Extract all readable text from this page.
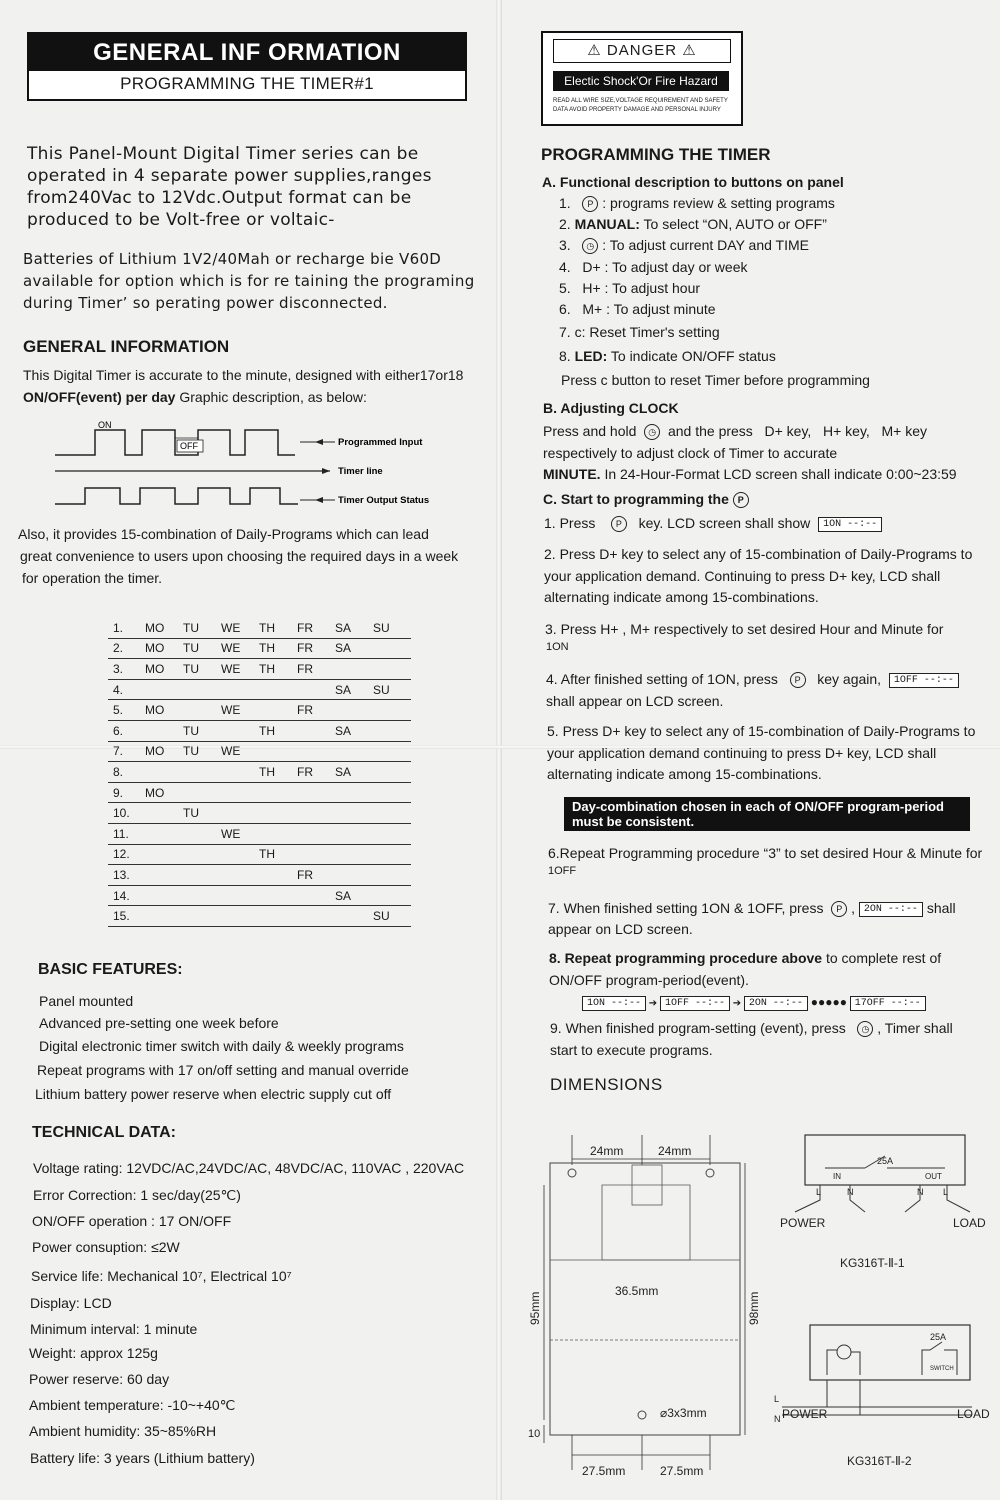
GENERAL INF ORMATION
PROGRAMMING THE TIMER#1
This Panel-Mount Digital Timer series can be
operated in 4 separate power supplies,ranges
from240Vac to 12Vdc.Output format can be
produced to be Volt-free or voltaic-
Batteries of Lithium 1V2/40Mah or recharge bie V60D
available for option which is for re taining the programing
during Timer’ so perating power disconnected.
GENERAL INFORMATION
This Digital Timer is accurate to the minute, designed with either17or18
ON/OFF(event) per day Graphic description, as below:
ON
OFF	Programmed Input
Timer line
Timer Output Status
Also, it provides 15-combination of Daily-Programs which can lead
great convenience to users upon choosing the required days in a week
for operation the timer.
1.	MO	TU	WE	TH	FR	SA	SU
2.	MO	TU	WE	TH	FR	SA	
3.	MO	TU	WE	TH	FR		
4.						SA	SU
5.	MO		WE		FR		
6.		TU		TH		SA	
7.	MO	TU	WE				
8.				TH	FR	SA	
9.	MO						
10.		TU					
11.			WE				
12.				TH			
13.					FR		
14.						SA	
15.							SU
BASIC FEATURES:
Panel mounted
Advanced pre-setting one week before
Digital electronic timer switch with daily & weekly programs
Repeat programs with 17 on/off setting and manual override
Lithium battery power reserve when electric supply cut off
TECHNICAL DATA:
Voltage rating: 12VDC/AC,24VDC/AC, 48VDC/AC, 110VAC , 220VAC
Error Correction: 1 sec/day(25℃)
ON/OFF operation : 17 ON/OFF
Power consuption: ≤2W
Service life: Mechanical 10⁷, Electrical 10⁷
Display: LCD
Minimum interval: 1 minute
Weight: approx 125g
Power reserve: 60 day
Ambient temperature: -10~+40℃
Ambient humidity: 35~85%RH
Battery life: 3 years (Lithium battery)
⚠ DANGER ⚠
Electic Shock'Or Fire Hazard
READ ALL WIRE SIZE,VOLTAGE REQUIREMENT AND SAFETY DATA AVOID PROPERTY DAMAGE AND PERSONAL INJURY
PROGRAMMING THE TIMER
A. Functional description to buttons on panel
1. P : programs review & setting programs
2. MANUAL: To select “ON, AUTO or OFF”
3. ◷ : To adjust current DAY and TIME
4. D+ : To adjust day or week
5. H+ : To adjust hour
6. M+ : To adjust minute
7. c: Reset Timer's setting
8. LED: To indicate ON/OFF status
Press c button to reset Timer before programming
B. Adjusting CLOCK
Press and hold ◷ and the press D+ key, H+ key, M+ key
respectively to adjust clock of Timer to accurate
MINUTE. In 24-Hour-Format LCD screen shall indicate 0:00~23:59
C. Start to programming the P
1. Press P key. LCD screen shall show 1ON --:--
2. Press D+ key to select any of 15-combination of Daily-Programs to
your application demand. Continuing to press D+ key, LCD shall
alternating indicate among 15-combinations.
3. Press H+ , M+ respectively to set desired Hour and Minute for
1ON
4. After finished setting of 1ON, press P key again, 1OFF --:--
shall appear on LCD screen.
5. Press D+ key to select any of 15-combination of Daily-Programs to
your application demand continuing to press D+ key, LCD shall
alternating indicate among 15-combinations.
Day-combination chosen in each of ON/OFF program-period
must be consistent.
6.Repeat Programming procedure “3” to set desired Hour & Minute for
1OFF
7. When finished setting 1ON & 1OFF, press P , 2ON --:-- shall
appear on LCD screen.
8. Repeat programming procedure above to complete rest of
ON/OFF program-period(event).
1ON --:-- ➔ 1OFF --:-- ➔ 2ON --:-- ●●●●● 17OFF --:--
9. When finished program-setting (event), press ◷ , Timer shall
start to execute programs.
DIMENSIONS
24mm	24mm
36.5mm
⌀3x3mm
95mm	98mm
10
27.5mm	27.5mm
25A
IN	OUT
L	N	N L
POWER	LOAD
KG316T-Ⅱ-1
25A
SWITCH
L
N POWER	LOAD
KG316T-Ⅱ-2
